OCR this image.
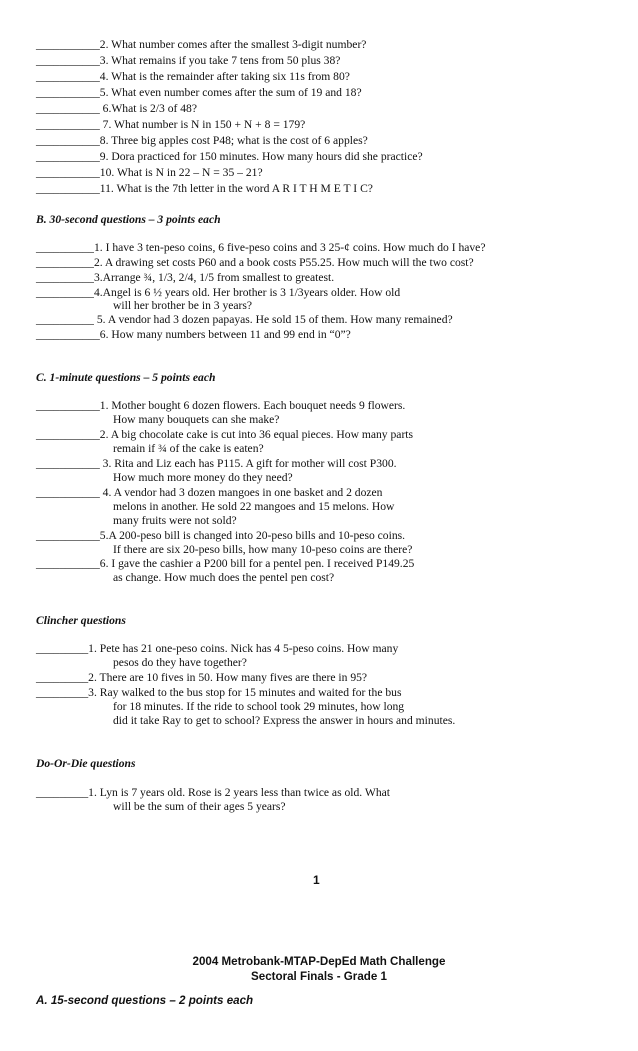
___________2. What number comes after the smallest 3-digit number?
___________3. What remains if you take 7 tens from 50 plus 38?
___________4. What is the remainder after taking six 11s from 80?
___________5. What even number comes after the sum of 19 and 18?
___________ 6.What is 2/3 of 48?
___________ 7. What number is N in 150 + N + 8 = 179?
___________8. Three big apples cost P48; what is the cost of 6 apples?
___________9. Dora practiced for 150 minutes. How many hours did she practice?
___________10. What is N in 22 – N = 35 – 21?
___________11. What is the 7th letter in the word A R I T H M E T I C?
B. 30-second questions – 3 points each
__________1. I have 3 ten-peso coins, 6 five-peso coins and 3 25-¢ coins. How much do I have?
__________2. A drawing set costs P60 and a book costs P55.25. How much will the two cost?
__________3.Arrange ¾, 1/3, 2/4, 1/5 from smallest to greatest.
__________4.Angel is 6 ½ years old. Her brother is 3 1/3years older. How old
will her brother be in 3 years?
__________ 5. A vendor had 3 dozen papayas. He sold 15 of them. How many remained?
___________6. How many numbers between 11 and 99 end in “0”?
C. 1-minute questions – 5 points each
___________1. Mother bought 6 dozen flowers. Each bouquet needs 9 flowers.
How many bouquets can she make?
___________2. A big chocolate cake is cut into 36 equal pieces. How many parts
remain if ¾ of the cake is eaten?
___________ 3. Rita and Liz each has P115. A gift for mother will cost P300.
How much more money do they need?
___________ 4. A vendor had 3 dozen mangoes in one basket and 2 dozen
melons in another. He sold 22 mangoes and 15 melons. How
many fruits were not sold?
___________5.A 200-peso bill is changed into 20-peso bills and 10-peso coins.
If there are six 20-peso bills, how many 10-peso coins are there?
___________6. I gave the cashier a P200 bill for a pentel pen. I received P149.25
as change. How much does the pentel pen cost?
Clincher questions
_________1. Pete has 21 one-peso coins. Nick has 4 5-peso coins. How many
pesos do they have together?
_________2. There are 10 fives in 50. How many fives are there in 95?
_________3. Ray walked to the bus stop for 15 minutes and waited for the bus
for 18 minutes. If the ride to school took 29 minutes, how long
did it take Ray to get to school? Express the answer in hours and minutes.
Do-Or-Die questions
_________1. Lyn is 7 years old. Rose is 2 years less than twice as old. What
will be the sum of their ages 5 years?
1
2004 Metrobank-MTAP-DepEd Math Challenge
Sectoral Finals - Grade 1
A. 15-second questions – 2 points each
